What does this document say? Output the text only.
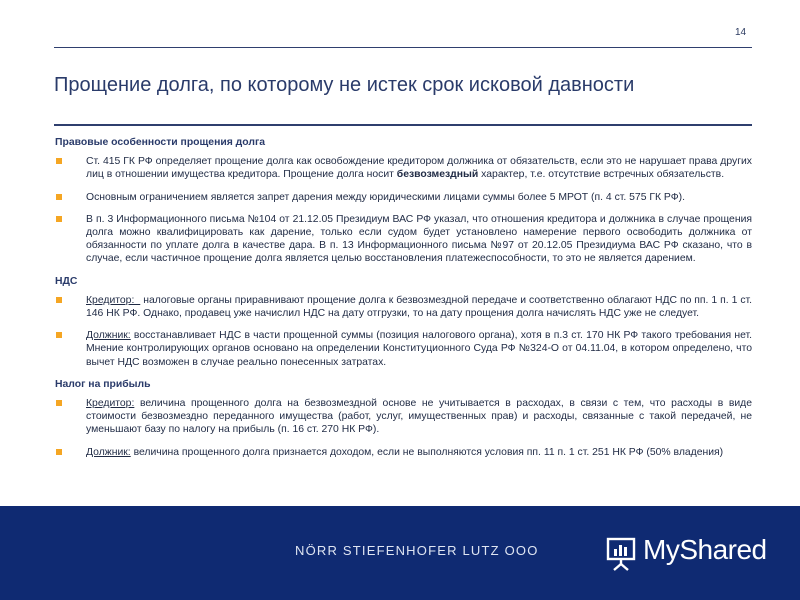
14
Прощение долга, по которому не истек срок исковой давности
Правовые особенности прощения долга
Ст. 415 ГК РФ определяет прощение долга как освобождение кредитором должника от обязательств, если это не нарушает права других лиц в отношении имущества кредитора. Прощение долга носит безвозмездный характер, т.е. отсутствие встречных обязательств.
Основным ограничением является запрет дарения между юридическими лицами суммы более 5 МРОТ (п. 4 ст. 575 ГК РФ).
В п. 3 Информационного письма №104 от 21.12.05 Президиум ВАС РФ указал, что отношения кредитора и должника в случае прощения долга можно квалифицировать как дарение, только если судом будет установлено намерение первого освободить должника от обязанности по уплате долга в качестве дара. В п. 13 Информационного письма №97 от 20.12.05 Президиума ВАС РФ сказано, что в случае, если частичное прощение долга является целью восстановления платежеспособности, то это не является дарением.
НДС
Кредитор:   налоговые органы приравнивают прощение долга к безвозмездной передаче и соответственно облагают НДС по пп. 1 п. 1 ст. 146 НК РФ. Однако, продавец уже начислил НДС на дату отгрузки, то на дату прощения долга начислять НДС уже не следует.
Должник: восстанавливает НДС в части прощенной суммы (позиция налогового органа), хотя в п.3 ст. 170 НК РФ такого требования нет. Мнение контролирующих органов основано на определении Конституционного Суда РФ №324-О от 04.11.04, в котором определено, что вычет НДС возможен в случае реально понесенных затратах.
Налог на прибыль
Кредитор: величина прощенного долга на безвозмездной основе не учитывается в расходах, в связи с тем, что расходы в виде стоимости безвозмездно переданного имущества (работ, услуг, имущественных прав) и расходы, связанные с такой передачей, не уменьшают базу по налогу на прибыль (п. 16 ст. 270 НК РФ).
Должник: величина прощенного долга признается доходом, если не выполняются условия пп. 11 п. 1 ст. 251 НК РФ (50% владения)
NÖRR STIEFENHOFER LUTZ OOO	MyShared
